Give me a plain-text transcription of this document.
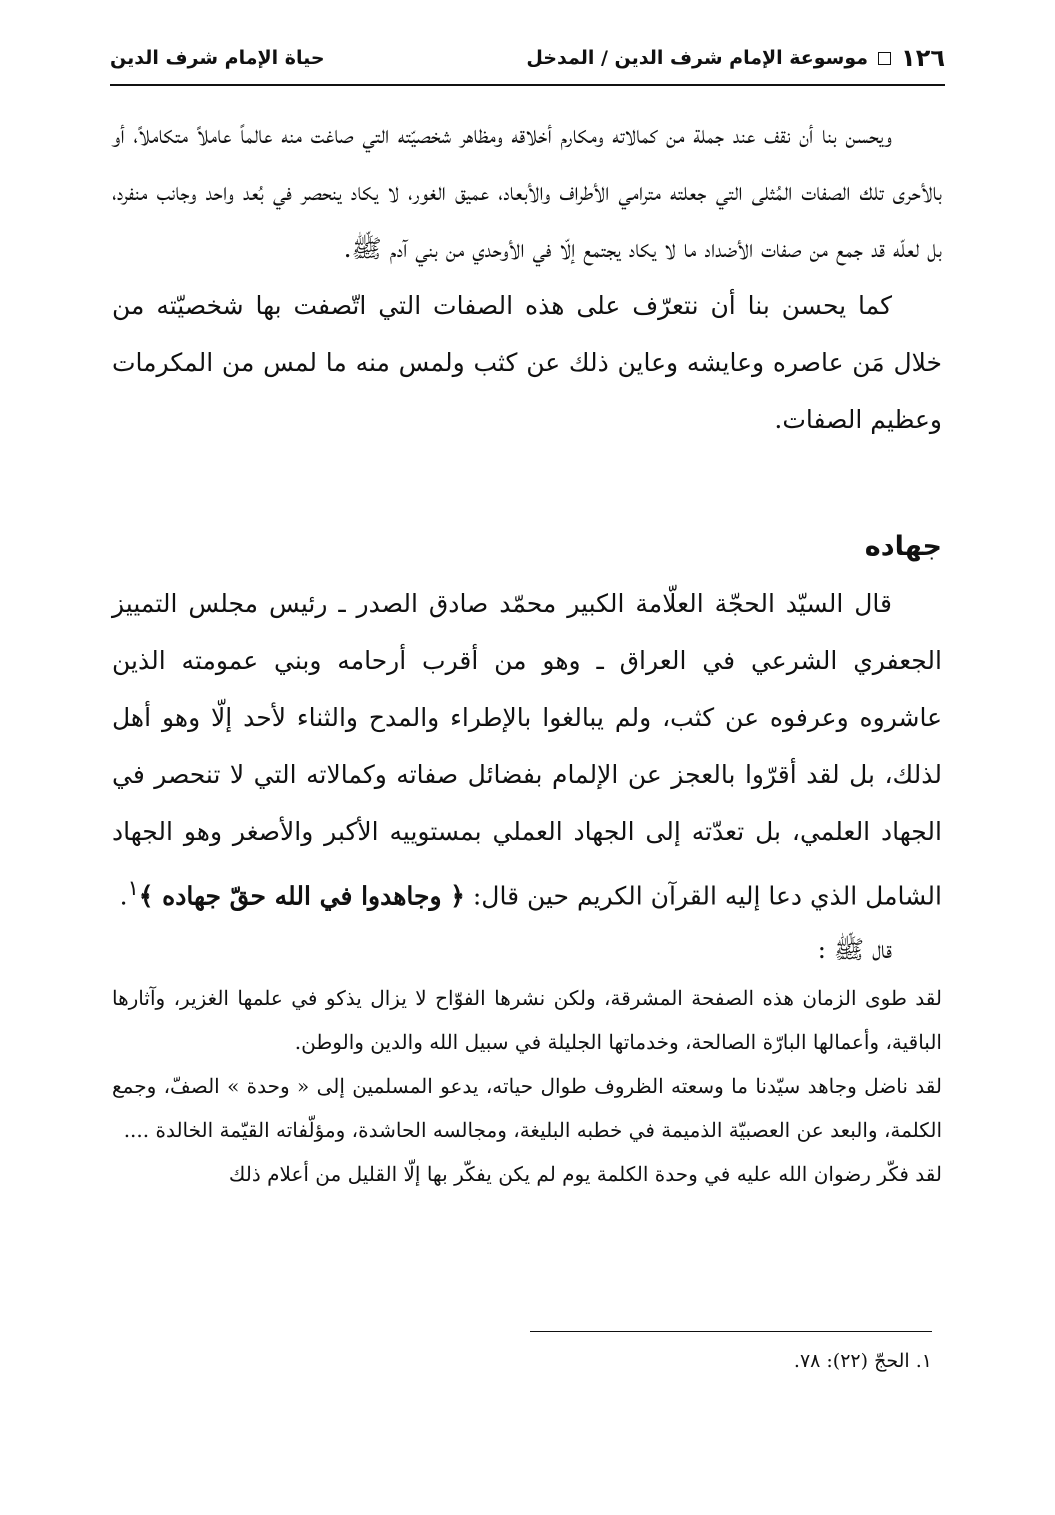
١٢٦
موسوعة الإمام شرف الدين / المدخل
حياة الإمام شرف الدين

ويحسن بنا أن نقف عند جملة من كمالاته ومكارم أخلاقه ومظاهر شخصيّته التي صاغت منه عالماً عاملاً متكاملاً، أو بالأحرى تلك الصفات المُثلى التي جعلته مترامي الأطراف والأبعاد، عميق الغور، لا يكاد ينحصر في بُعد واحد وجانب منفرد، بل لعلّه قد جمع من صفات الأضداد ما لا يكاد يجتمع إلّا في الأوحدي من بني آدم ﷺ.

كما يحسن بنا أن نتعرّف على هذه الصفات التي اتّصفت بها شخصيّته من خلال مَن عاصره وعايشه وعاين ذلك عن كثب ولمس منه ما لمس من المكرمات وعظيم الصفات.

جهاده

قال السيّد الحجّة العلّامة الكبير محمّد صادق الصدر ـ رئيس مجلس التمييز الجعفري الشرعي في العراق ـ وهو من أقرب أرحامه وبني عمومته الذين عاشروه وعرفوه عن كثب، ولم يبالغوا بالإطراء والمدح والثناء لأحد إلّا وهو أهل لذلك، بل لقد أقرّوا بالعجز عن الإلمام بفضائل صفاته وكمالاته التي لا تنحصر في الجهاد العلمي، بل تعدّته إلى الجهاد العملي بمستوييه الأكبر والأصغر وهو الجهاد الشامل الذي دعا إليه القرآن الكريم حين قال: ﴿ وجاهدوا في الله حقّ جهاده ﴾$^١$.

قال ﷺ :

لقد طوى الزمان هذه الصفحة المشرقة، ولكن نشرها الفوّاح لا يزال يذكو في علمها الغزير، وآثارها الباقية، وأعمالها البارّة الصالحة، وخدماتها الجليلة في سبيل الله والدين والوطن.

لقد ناضل وجاهد سيّدنا ما وسعته الظروف طوال حياته، يدعو المسلمين إلى « وحدة » الصفّ، وجمع الكلمة، والبعد عن العصبيّة الذميمة في خطبه البليغة، ومجالسه الحاشدة، ومؤلّفاته القيّمة الخالدة ....

لقد فكّر رضوان الله عليه في وحدة الكلمة يوم لم يكن يفكّر بها إلّا القليل من أعلام ذلك

١. الحجّ (٢٢): ٧٨.
